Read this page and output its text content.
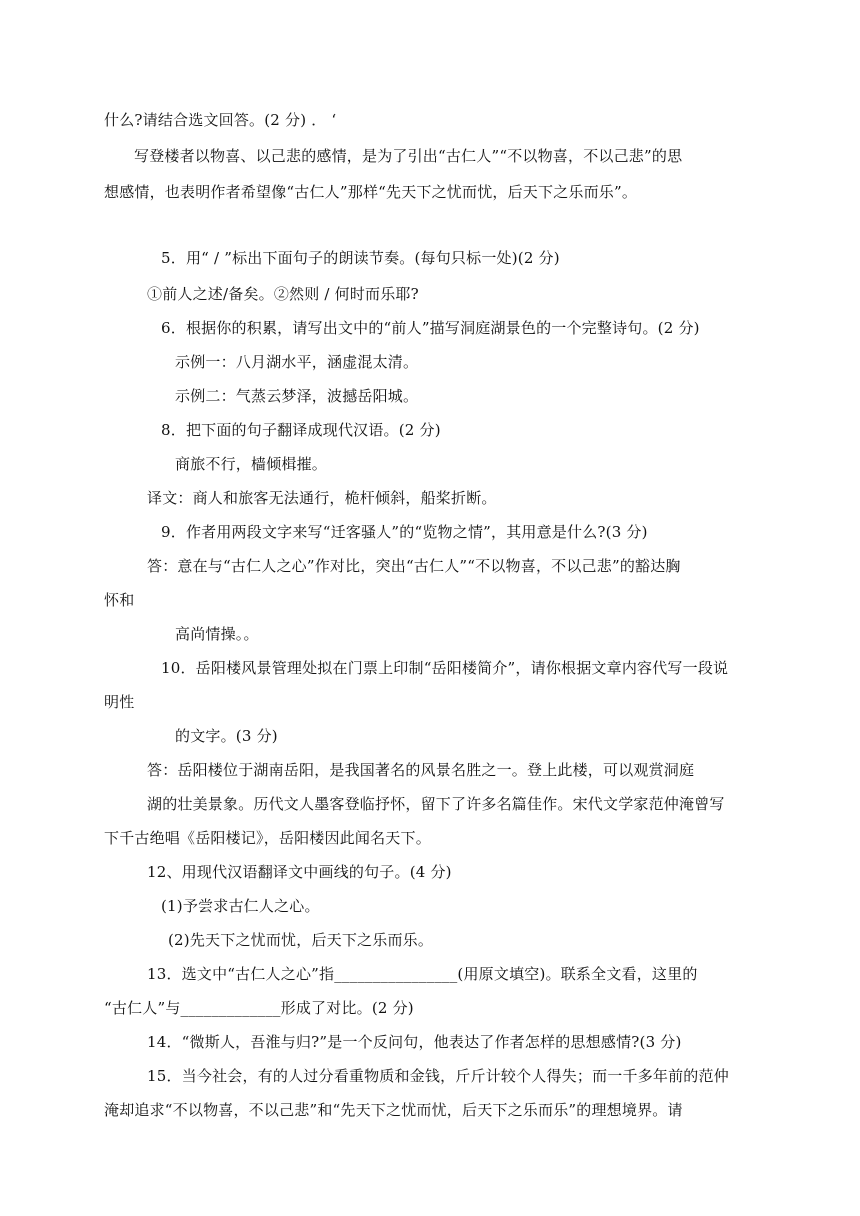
什么?请结合选文回答。(2 分) ． ‘
写登楼者以物喜、以己悲的感情，是为了引出“古仁人”“不以物喜，不以己悲”的思
想感情，也表明作者希望像“古仁人”那样“先天下之忧而忧，后天下之乐而乐”。
5．用“ / ”标出下面句子的朗读节奏。(每句只标一处)(2 分)
①前人之述/备矣。②然则 / 何时而乐耶?
6．根据你的积累，请写出文中的“前人”描写洞庭湖景色的一个完整诗句。(2 分)
示例一：八月湖水平，涵虚混太清。
示例二：气蒸云梦泽，波撼岳阳城。
8．把下面的句子翻译成现代汉语。(2 分)
商旅不行，樯倾楫摧。
译文：商人和旅客无法通行，桅杆倾斜，船桨折断。
9．作者用两段文字来写“迁客骚人”的“览物之情”，其用意是什么?(3 分)
答：意在与“古仁人之心”作对比，突出“古仁人”“不以物喜，不以己悲”的豁达胸
怀和
高尚情操。。
10．岳阳楼风景管理处拟在门票上印制“岳阳楼简介”，请你根据文章内容代写一段说
明性
的文字。(3 分)
答：岳阳楼位于湖南岳阳，是我国著名的风景名胜之一。登上此楼，可以观赏洞庭
湖的壮美景象。历代文人墨客登临抒怀，留下了许多名篇佳作。宋代文学家范仲淹曾写
下千古绝唱《岳阳楼记》，岳阳楼因此闻名天下。
12、用现代汉语翻译文中画线的句子。(4 分)
(1)予尝求古仁人之心。
(2)先天下之忧而忧，后天下之乐而乐。
13．选文中“古仁人之心”指________________(用原文填空)。联系全文看，这里的
“古仁人”与_____________形成了对比。(2 分)
14．“微斯人，吾淮与归?”是一个反问句，他表达了作者怎样的思想感情?(3 分)
15．当今社会，有的人过分看重物质和金钱，斤斤计较个人得失；而一千多年前的范仲
淹却追求“不以物喜，不以己悲”和“先天下之忧而忧，后天下之乐而乐”的理想境界。请
